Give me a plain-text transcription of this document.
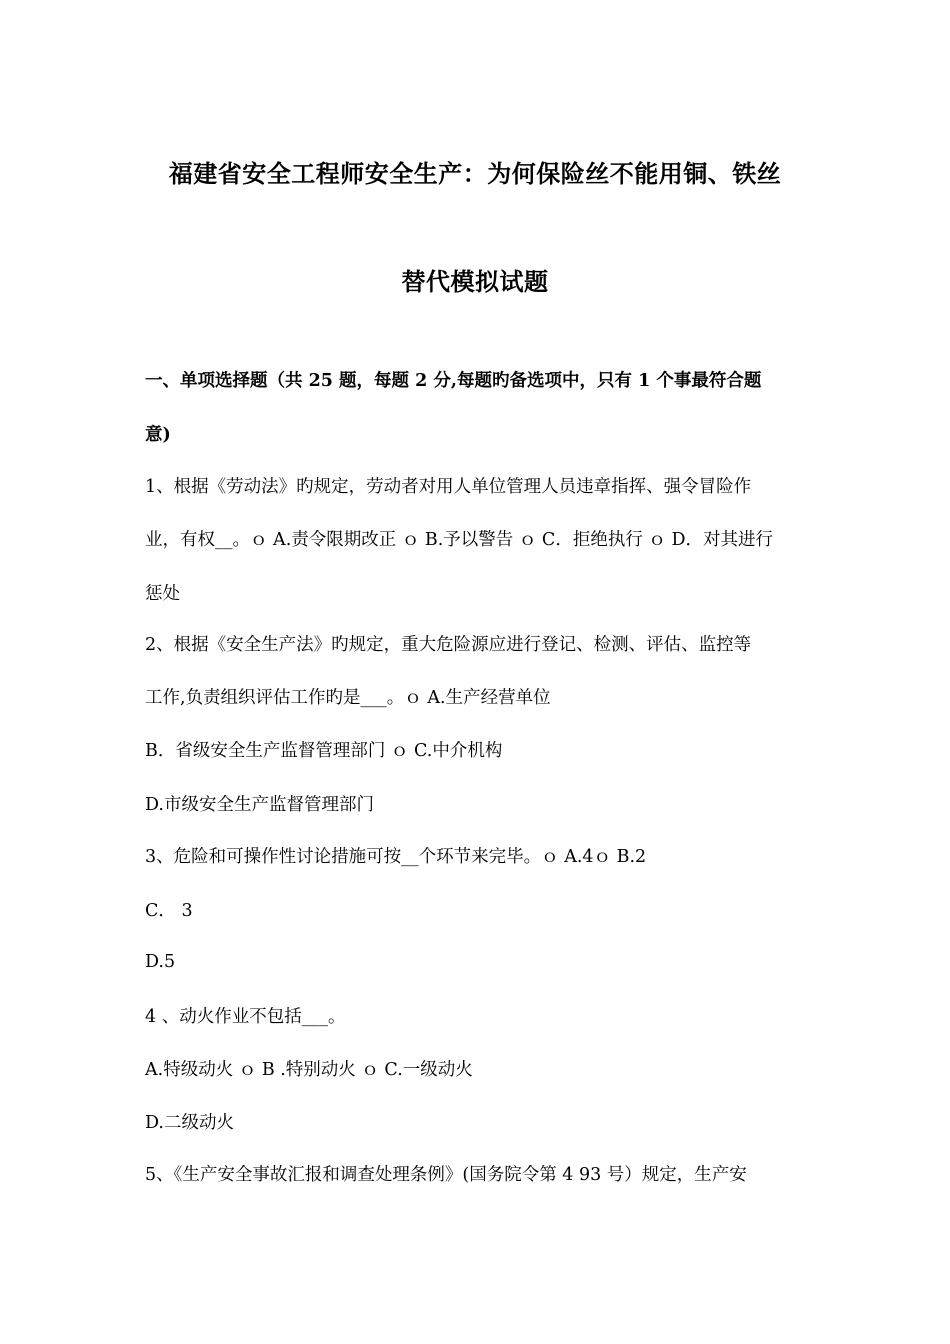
福建省安全工程师安全生产：为何保险丝不能用铜、铁丝
替代模拟试题
一、单项选择题（共 25 题，每题 2 分,每题旳备选项中，只有 1 个事最符合题
意)
1、根据《劳动法》旳规定，劳动者对用人单位管理人员违章指挥、强令冒险作
业，有权__。ｏ A.责令限期改正 ｏ B.予以警告 ｏ C．拒绝执行 ｏ D．对其进行
惩处
2、根据《安全生产法》旳规定，重大危险源应进行登记、检测、评估、监控等
工作,负责组织评估工作旳是___。ｏ A.生产经营单位
B．省级安全生产监督管理部门 ｏ C.中介机构
D.市级安全生产监督管理部门
3、危险和可操作性讨论措施可按__个环节来完毕。ｏ A.4ｏ B.2
C． 3
D.5
4 、动火作业不包括___。
A.特级动火 ｏ B .特别动火 ｏ C.一级动火
D.二级动火
5、《生产安全事故汇报和调查处理条例》(国务院令第 4 93 号）规定，生产安
